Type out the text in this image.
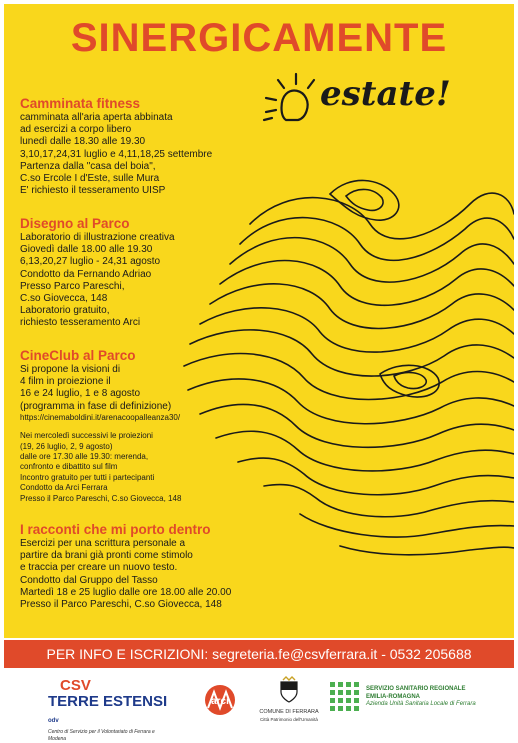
SINERGICAMENTE
estate!
Camminata fitness
camminata all'aria aperta abbinata
ad esercizi a corpo libero
lunedì dalle 18.30 alle 19.30
3,10,17,24,31 luglio e 4,11,18,25 settembre
Partenza dalla "casa del boia",
C.so Ercole I d'Este, sulle Mura
E' richiesto il tesseramento UISP
Disegno al Parco
Laboratorio di illustrazione creativa
Giovedì dalle 18.00 alle 19.30
6,13,20,27 luglio - 24,31 agosto
Condotto da Fernando Adriao
Presso Parco Pareschi,
C.so Giovecca, 148
Laboratorio gratuito,
richiesto tesseramento Arci
CineClub al Parco
Si propone la visioni di
4 film in proiezione il
16 e 24 luglio, 1 e 8 agosto
(programma in fase di definizione)
https://cinemaboldini.it/arenacoopalleanza30/
Nei mercoledì successivi le proiezioni
(19, 26 luglio, 2, 9 agosto)
dalle ore 17.30 alle 19.30: merenda,
confronto e dibattito sul film
Incontro gratuito per tutti i partecipanti
Condotto da Arci Ferrara
Presso il Parco Pareschi, C.so Giovecca, 148
I racconti che mi porto dentro
Esercizi per una scrittura personale a
partire da brani già pronti come stimolo
e traccia per creare un nuovo testo.
Condotto dal Gruppo del Tasso
Martedì 18 e 25 luglio dalle ore 18.00 alle 20.00
Presso il Parco Pareschi, C.so Giovecca, 148
PER INFO E ISCRIZIONI: segreteria.fe@csvferrara.it - 0532 205688
CSV
TERRE ESTENSI odv
Centro di Servizio per il Volontariato di Ferrara e Modena
arci
COMUNE DI FERRARA
Città Patrimonio dell'Umanità
SERVIZIO SANITARIO REGIONALE
EMILIA-ROMAGNA
Azienda Unità Sanitaria Locale di Ferrara
